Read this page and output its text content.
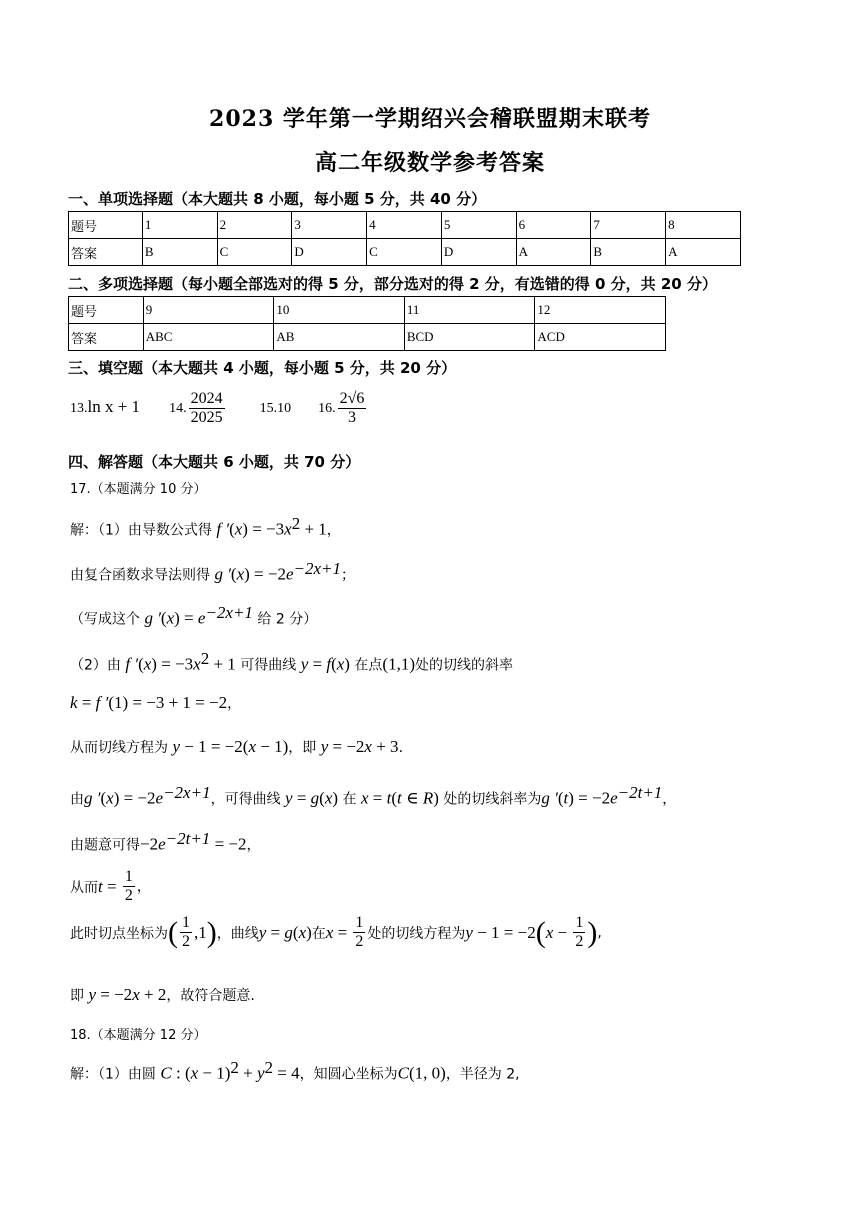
2023 学年第一学期绍兴会稽联盟期末联考
高二年级数学参考答案
一、单项选择题（本大题共 8 小题，每小题 5 分，共 40 分）
题号	1	2	3	4	5	6	7	8
答案	B	C	D	C	D	A	B	A
二、多项选择题（每小题全部选对的得 5 分，部分选对的得 2 分，有选错的得 0 分，共 20 分）
题号	9	10	11	12
答案	ABC	AB	BCD	ACD
三、填空题（本大题共 4 小题，每小题 5 分，共 20 分）
13.ln x + 1 14. $\frac{2024}{2025}$	15.10 16. $\frac{2√6}{3}$
四、解答题（本大题共 6 小题，共 70 分）
17.（本题满分 10 分）
解：（1）由导数公式得 f $'(x) = -3x^2 + 1$，
由复合函数求导法则得 g $'(x) = -2e^{-2x+1}$；
（写成这个 g $'(x) = e^{-2x+1}$ 给 2 分）
（2）由 f $'(x) = -3x^2 + 1$ 可得曲线 y = f(x) 在点(1,1)处的切线的斜率
k = f ′(1) = −3 + 1 = −2，
从而切线方程为 y − 1 = −2(x − 1)，即 y = −2x + 3.
由g $'(x) = -2e^{-2x+1}$，可得曲线 y = g(x) 在 x = t(t ∈ R) 处的切线斜率为g $'(t) = -2e^{-2t+1}$，
由题意可得$-2e^{-2t+1} = -2$，
从而$t = \frac{1}{2}$ ，
此时切点坐标为( $\frac{1}{2} ,1$)，曲线y = g(x)在$x = \frac{1}{2}$ 处的切线方程为$y - 1 = -2(x - \frac{1}{2}$ ),
即 y = −2x + 2，故符合题意.
18.（本题满分 12 分）
解：（1）由圆 C : $(x - 1)^2 + y^2 = 4$，知圆心坐标为C(1, 0)，半径为 2,
